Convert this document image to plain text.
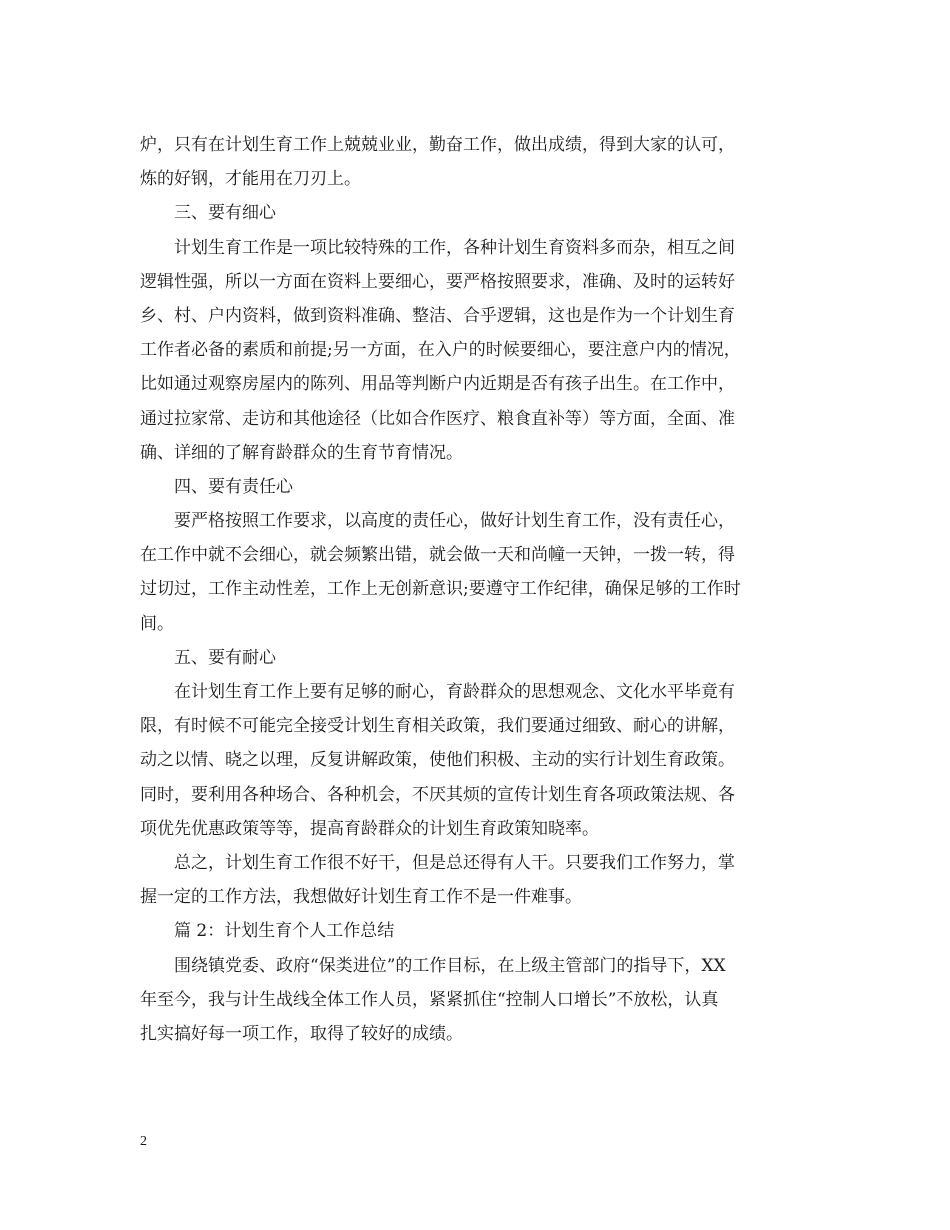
炉，只有在计划生育工作上兢兢业业，勤奋工作，做出成绩，得到大家的认可，
炼的好钢，才能用在刀刃上。
三、要有细心
计划生育工作是一项比较特殊的工作，各种计划生育资料多而杂，相互之间
逻辑性强，所以一方面在资料上要细心，要严格按照要求，准确、及时的运转好
乡、村、户内资料，做到资料准确、整洁、合乎逻辑，这也是作为一个计划生育
工作者必备的素质和前提;另一方面，在入户的时候要细心，要注意户内的情况，
比如通过观察房屋内的陈列、用品等判断户内近期是否有孩子出生。在工作中，
通过拉家常、走访和其他途径（比如合作医疗、粮食直补等）等方面，全面、准
确、详细的了解育龄群众的生育节育情况。
四、要有责任心
要严格按照工作要求，以高度的责任心，做好计划生育工作，没有责任心，
在工作中就不会细心，就会频繁出错，就会做一天和尚幢一天钟，一拨一转，得
过切过，工作主动性差，工作上无创新意识;要遵守工作纪律，确保足够的工作时
间。
五、要有耐心
在计划生育工作上要有足够的耐心，育龄群众的思想观念、文化水平毕竟有
限，有时候不可能完全接受计划生育相关政策，我们要通过细致、耐心的讲解，
动之以情、晓之以理，反复讲解政策，使他们积极、主动的实行计划生育政策。
同时，要利用各种场合、各种机会，不厌其烦的宣传计划生育各项政策法规、各
项优先优惠政策等等，提高育龄群众的计划生育政策知晓率。
总之，计划生育工作很不好干，但是总还得有人干。只要我们工作努力，掌
握一定的工作方法，我想做好计划生育工作不是一件难事。
篇 2：计划生育个人工作总结
围绕镇党委、政府“保类进位”的工作目标，在上级主管部门的指导下，XX
年至今，我与计生战线全体工作人员，紧紧抓住“控制人口增长”不放松，认真
扎实搞好每一项工作，取得了较好的成绩。
2
